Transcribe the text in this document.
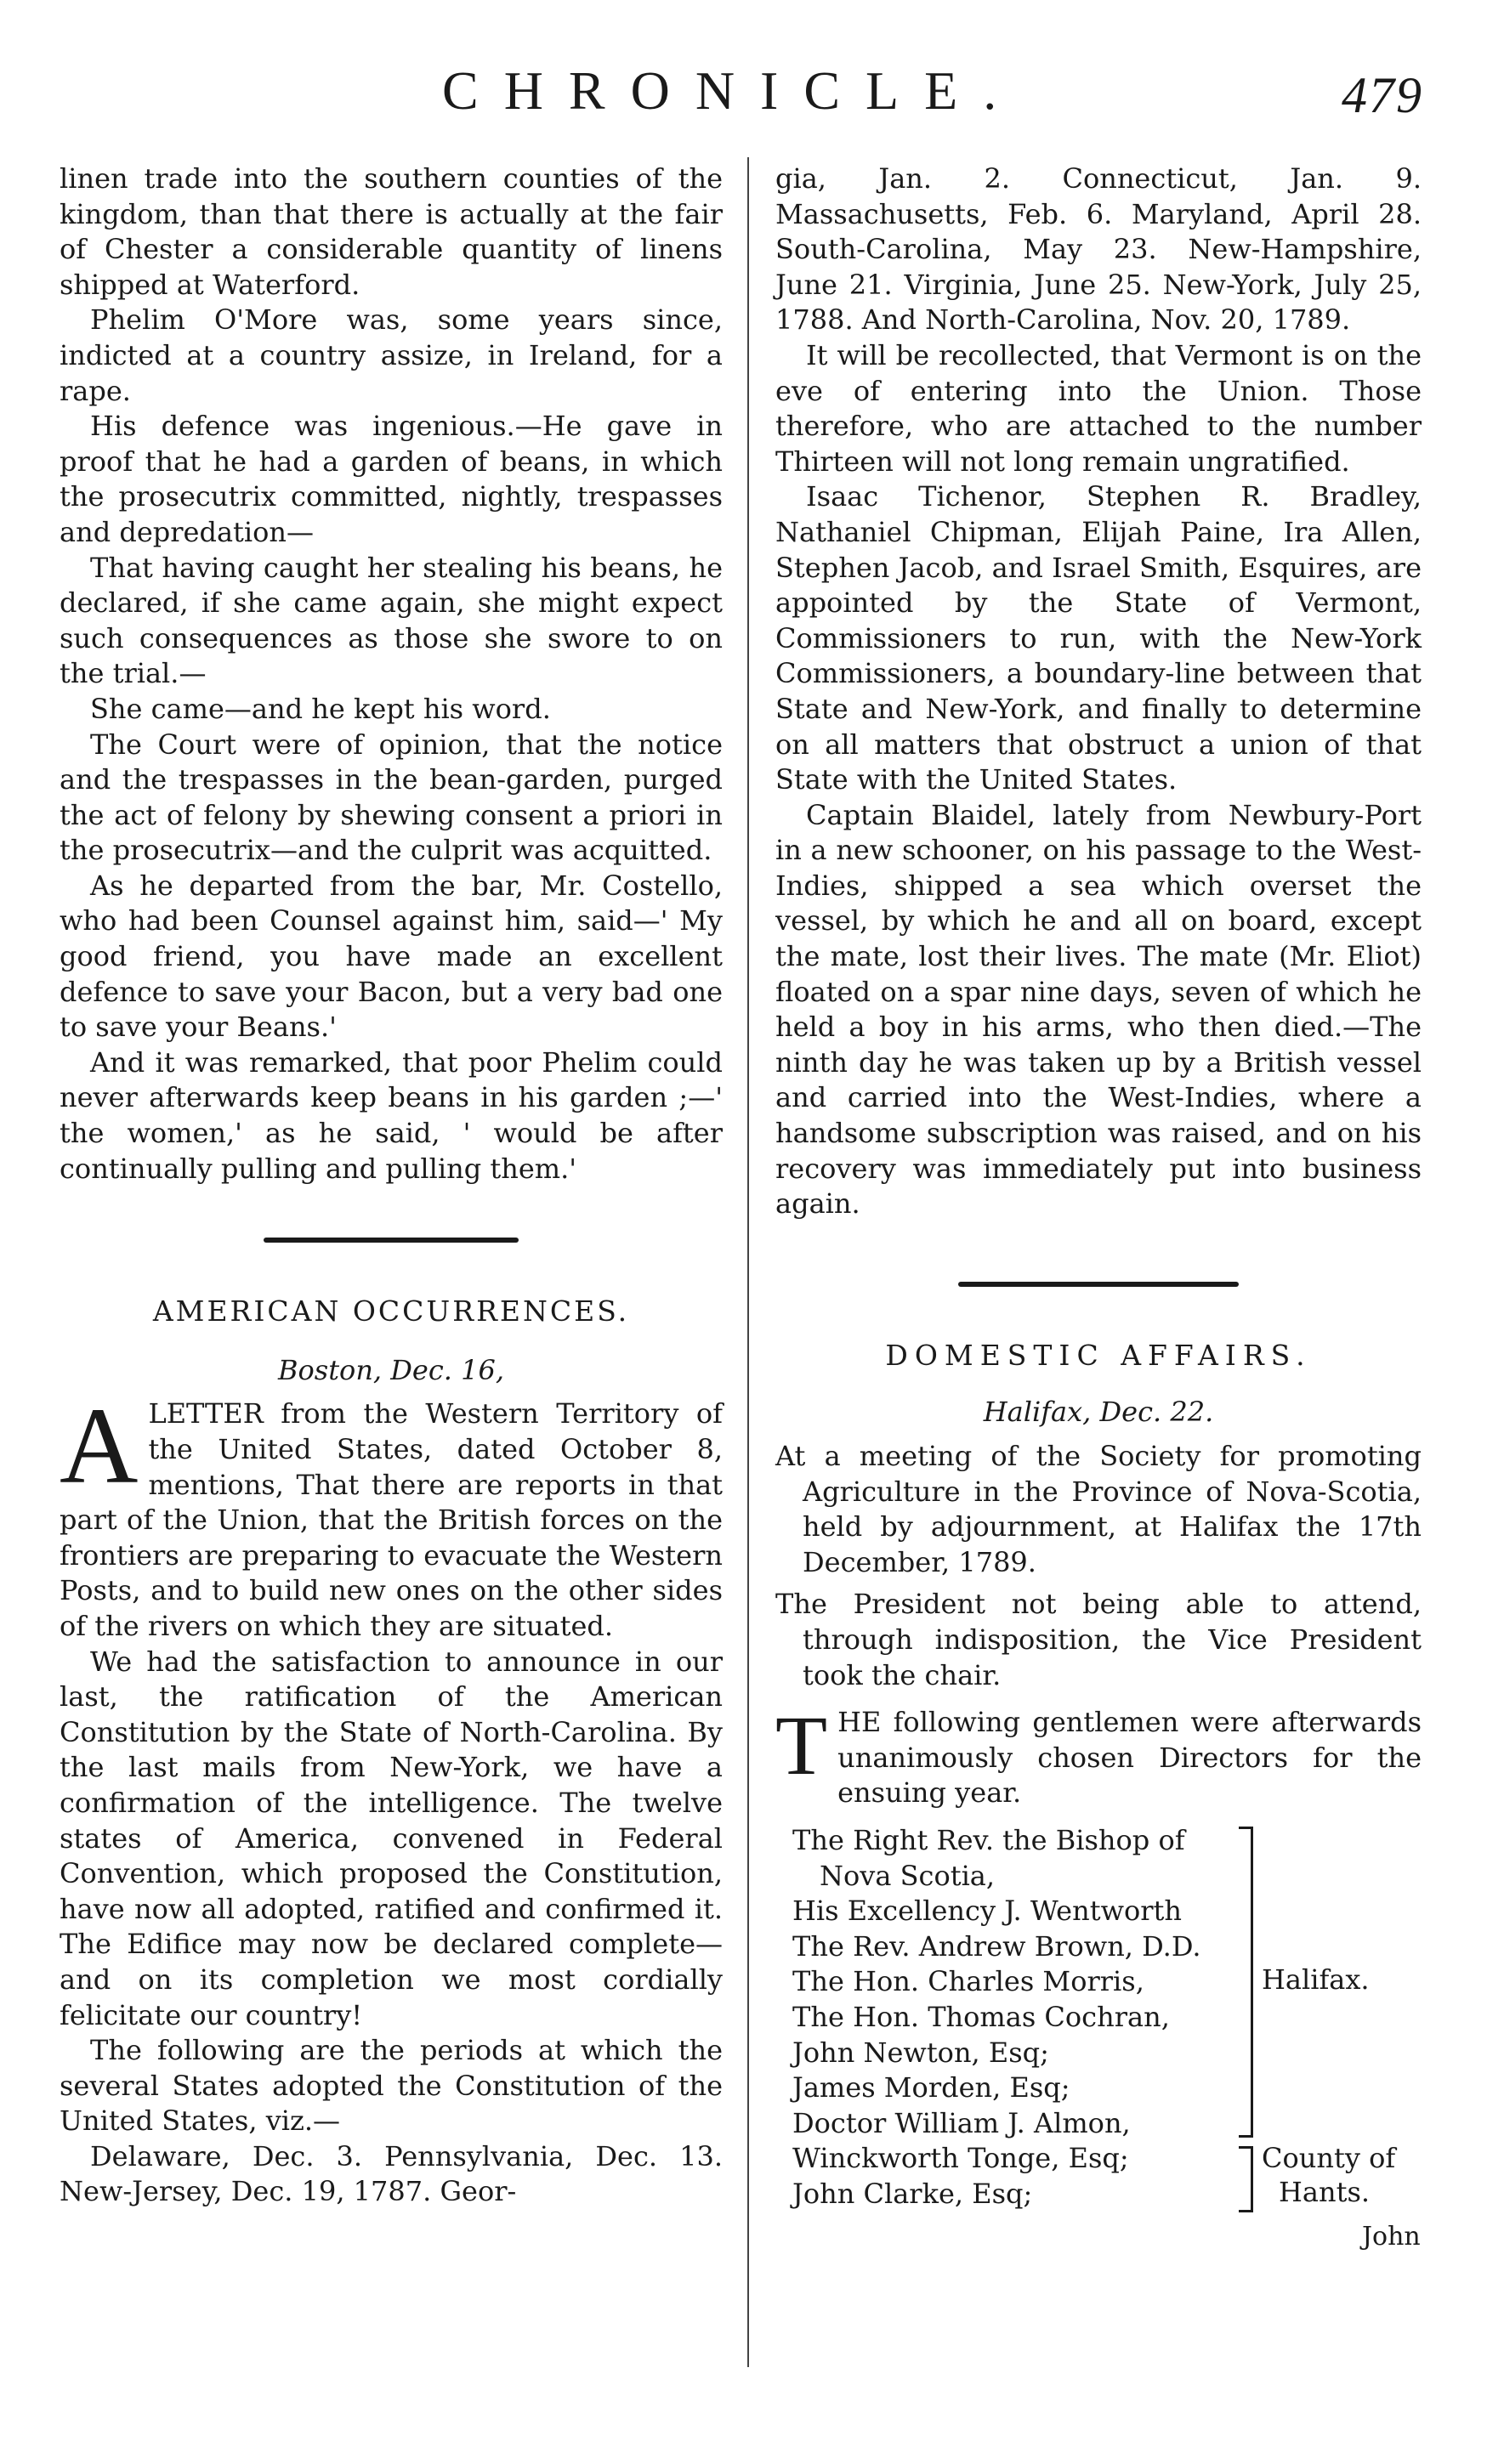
CHRONICLE.	479

linen trade into the southern counties of the kingdom, than that there is actually at the fair of Chester a considerable quantity of linens shipped at Waterford.

Phelim O'More was, some years since, indicted at a country assize, in Ireland, for a rape.

His defence was ingenious.—He gave in proof that he had a garden of beans, in which the prosecutrix committed, nightly, trespasses and depredation—

That having caught her stealing his beans, he declared, if she came again, she might expect such consequences as those she swore to on the trial.—

She came—and he kept his word.

The Court were of opinion, that the notice and the trespasses in the bean-garden, purged the act of felony by shewing consent a priori in the prosecutrix—and the culprit was acquitted.

As he departed from the bar, Mr. Costello, who had been Counsel against him, said—' My good friend, you have made an excellent defence to save your Bacon, but a very bad one to save your Beans.'

And it was remarked, that poor Phelim could never afterwards keep beans in his garden ;—' the women,' as he said, ' would be after continually pulling and pulling them.'

AMERICAN OCCURRENCES.
Boston, Dec. 16,
A LETTER from the Western Territory of the United States, dated October 8, mentions, That there are reports in that part of the Union, that the British forces on the frontiers are preparing to evacuate the Western Posts, and to build new ones on the other sides of the rivers on which they are situated.

We had the satisfaction to announce in our last, the ratification of the American Constitution by the State of North-Carolina. By the last mails from New-York, we have a confirmation of the intelligence. The twelve states of America, convened in Federal Convention, which proposed the Constitution, have now all adopted, ratified and confirmed it. The Edifice may now be declared complete—and on its completion we most cordially felicitate our country!

The following are the periods at which the several States adopted the Constitution of the United States, viz.—

Delaware, Dec. 3. Pennsylvania, Dec. 13. New-Jersey, Dec. 19, 1787. Geor-

gia, Jan. 2. Connecticut, Jan. 9. Massachusetts, Feb. 6. Maryland, April 28. South-Carolina, May 23. New-Hampshire, June 21. Virginia, June 25. New-York, July 25, 1788. And North-Carolina, Nov. 20, 1789.

It will be recollected, that Vermont is on the eve of entering into the Union. Those therefore, who are attached to the number Thirteen will not long remain ungratified.

Isaac Tichenor, Stephen R. Bradley, Nathaniel Chipman, Elijah Paine, Ira Allen, Stephen Jacob, and Israel Smith, Esquires, are appointed by the State of Vermont, Commissioners to run, with the New-York Commissioners, a boundary-line between that State and New-York, and finally to determine on all matters that obstruct a union of that State with the United States.

Captain Blaidel, lately from Newbury-Port in a new schooner, on his passage to the West-Indies, shipped a sea which overset the vessel, by which he and all on board, except the mate, lost their lives. The mate (Mr. Eliot) floated on a spar nine days, seven of which he held a boy in his arms, who then died.—The ninth day he was taken up by a British vessel and carried into the West-Indies, where a handsome subscription was raised, and on his recovery was immediately put into business again.

DOMESTIC AFFAIRS.
Halifax, Dec. 22.

At a meeting of the Society for promoting Agriculture in the Province of Nova-Scotia, held by adjournment, at Halifax the 17th December, 1789.

The President not being able to attend, through indisposition, the Vice President took the chair.

T HE following gentlemen were afterwards unanimously chosen Directors for the ensuing year.

The Right Rev. the Bishop of
Nova Scotia,
His Excellency J. Wentworth
The Rev. Andrew Brown, D.D.
The Hon. Charles Morris,
The Hon. Thomas Cochran,
John Newton, Esq;
James Morden, Esq;
Doctor William J. Almon,
Winckworth Tonge, Esq;
John Clarke, Esq;
Halifax.
County of
Hants.
John
